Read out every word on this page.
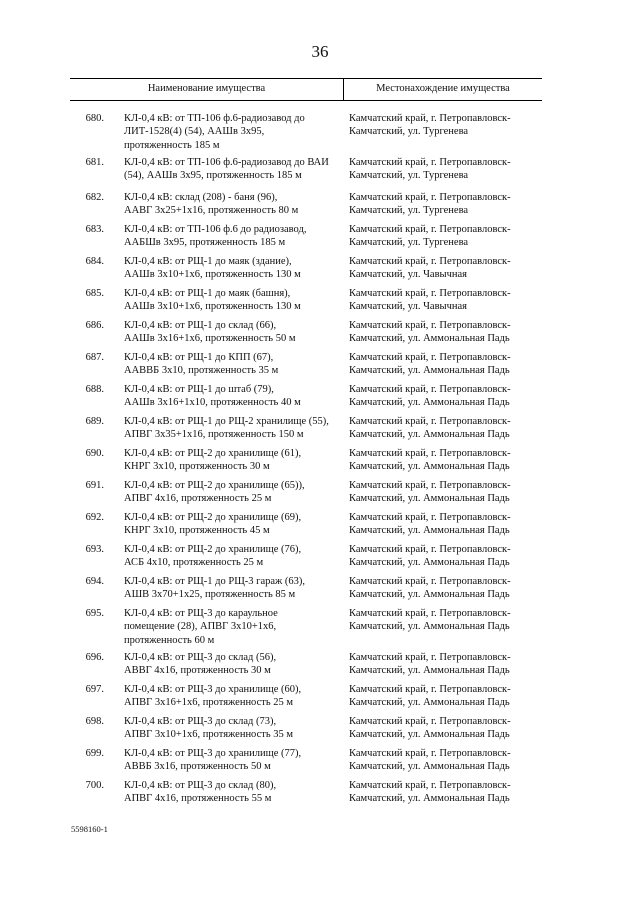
36
Наименование имущества	Местонахождение имущества
680. КЛ-0,4 кВ: от ТП-106 ф.6-радиозавод до
ЛИТ-1528(4) (54), ААШв 3х95,
протяженность 185 м
Камчатский край, г. Петропавловск-
Камчатский, ул. Тургенева
681. КЛ-0,4 кВ: от ТП-106 ф.6-радиозавод до ВАИ
(54), ААШв 3х95, протяженность 185 м
Камчатский край, г. Петропавловск-
Камчатский, ул. Тургенева
682. КЛ-0,4 кВ: склад (208) - баня (96),
ААВГ 3х25+1х16, протяженность 80 м
Камчатский край, г. Петропавловск-
Камчатский, ул. Тургенева
683. КЛ-0,4 кВ: от ТП-106 ф.6 до радиозавод,
ААБШв 3х95, протяженность 185 м
Камчатский край, г. Петропавловск-
Камчатский, ул. Тургенева
684. КЛ-0,4 кВ: от РЩ-1 до маяк (здание),
ААШв 3х10+1х6, протяженность 130 м
Камчатский край, г. Петропавловск-
Камчатский, ул. Чавычная
685. КЛ-0,4 кВ: от РЩ-1 до маяк (башня),
ААШв 3х10+1х6, протяженность 130 м
Камчатский край, г. Петропавловск-
Камчатский, ул. Чавычная
686. КЛ-0,4 кВ: от РЩ-1 до склад (66),
ААШв 3х16+1х6, протяженность 50 м
Камчатский край, г. Петропавловск-
Камчатский, ул. Аммональная Падь
687. КЛ-0,4 кВ: от РЩ-1 до КПП (67),
ААВВБ 3х10, протяженность 35 м
Камчатский край, г. Петропавловск-
Камчатский, ул. Аммональная Падь
688. КЛ-0,4 кВ: от РЩ-1 до штаб (79),
ААШв 3х16+1х10, протяженность 40 м
Камчатский край, г. Петропавловск-
Камчатский, ул. Аммональная Падь
689. КЛ-0,4 кВ: от РЩ-1 до РЩ-2 хранилище (55),
АПВГ 3х35+1х16, протяженность 150 м
Камчатский край, г. Петропавловск-
Камчатский, ул. Аммональная Падь
690. КЛ-0,4 кВ: от РЩ-2 до хранилище (61),
КНРГ 3х10, протяженность 30 м
Камчатский край, г. Петропавловск-
Камчатский, ул. Аммональная Падь
691. КЛ-0,4 кВ: от РЩ-2 до хранилище (65)),
АПВГ 4х16, протяженность 25 м
Камчатский край, г. Петропавловск-
Камчатский, ул. Аммональная Падь
692. КЛ-0,4 кВ: от РЩ-2 до хранилище (69),
КНРГ 3х10, протяженность 45 м
Камчатский край, г. Петропавловск-
Камчатский, ул. Аммональная Падь
693. КЛ-0,4 кВ: от РЩ-2 до хранилище (76),
АСБ 4х10, протяженность 25 м
Камчатский край, г. Петропавловск-
Камчатский, ул. Аммональная Падь
694. КЛ-0,4 кВ: от РЩ-1 до РЩ-3 гараж (63),
АШВ 3х70+1х25, протяженность 85 м
Камчатский край, г. Петропавловск-
Камчатский, ул. Аммональная Падь
695. КЛ-0,4 кВ: от РЩ-3 до караульное
помещение (28), АПВГ 3х10+1х6,
протяженность 60 м
Камчатский край, г. Петропавловск-
Камчатский, ул. Аммональная Падь
696. КЛ-0,4 кВ: от РЩ-3 до склад (56),
АВВГ 4х16, протяженность 30 м
Камчатский край, г. Петропавловск-
Камчатский, ул. Аммональная Падь
697. КЛ-0,4 кВ: от РЩ-3 до хранилище (60),
АПВГ 3х16+1х6, протяженность 25 м
Камчатский край, г. Петропавловск-
Камчатский, ул. Аммональная Падь
698. КЛ-0,4 кВ: от РЩ-3 до склад (73),
АПВГ 3х10+1х6, протяженность 35 м
Камчатский край, г. Петропавловск-
Камчатский, ул. Аммональная Падь
699. КЛ-0,4 кВ: от РЩ-3 до хранилище (77),
АВВБ 3х16, протяженность 50 м
Камчатский край, г. Петропавловск-
Камчатский, ул. Аммональная Падь
700. КЛ-0,4 кВ: от РЩ-3 до склад (80),
АПВГ 4х16, протяженность 55 м
Камчатский край, г. Петропавловск-
Камчатский, ул. Аммональная Падь
5598160-1
